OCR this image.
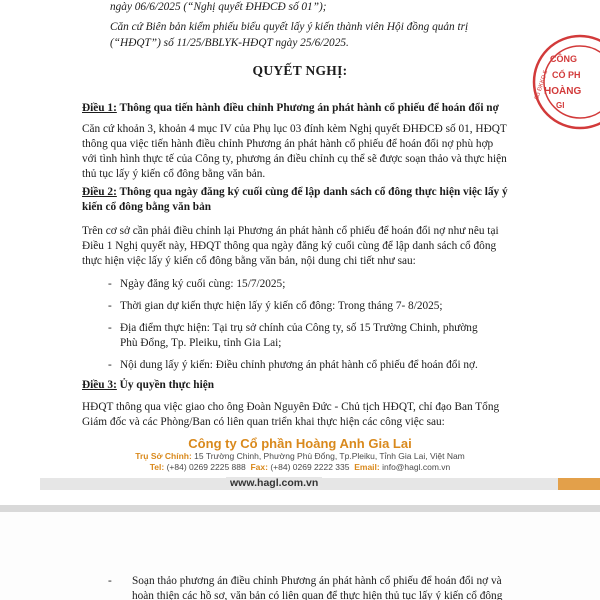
ngày 06/6/2025 (“Nghị quyết ĐHĐCĐ số 01”);
Căn cứ Biên bản kiểm phiếu biểu quyết lấy ý kiến thành viên Hội đồng quản trị
(“HĐQT”) số 11/25/BBLYK-HĐQT ngày 25/6/2025.
CÔNG
CỔ PH
HOÀNG
GI
Số ĐKKD 5
QUYẾT NGHỊ:
Điều 1: Thông qua tiến hành điều chỉnh Phương án phát hành cổ phiếu để hoán đổi nợ
Căn cứ khoản 3, khoản 4 mục IV của Phụ lục 03 đính kèm Nghị quyết ĐHĐCĐ số 01, HĐQT
thông qua việc tiến hành điều chỉnh Phương án phát hành cổ phiếu để hoán đổi nợ phù hợp
với tình hình thực tế của Công ty, phương án điều chỉnh cụ thể sẽ được soạn thảo và thực hiện
thủ tục lấy ý kiến cổ đông bằng văn bản.
Điều 2: Thông qua ngày đăng ký cuối cùng để lập danh sách cổ đông thực hiện việc lấy ý
kiến cổ đông bằng văn bản
Trên cơ sở cần phải điều chỉnh lại Phương án phát hành cổ phiếu để hoán đổi nợ như nêu tại
Điều 1 Nghị quyết này, HĐQT thông qua ngày đăng ký cuối cùng để lập danh sách cổ đông
thực hiện việc lấy ý kiến cổ đông bằng văn bản, nội dung chi tiết như sau:
- Ngày đăng ký cuối cùng: 15/7/2025;
- Thời gian dự kiến thực hiện lấy ý kiến cổ đông: Trong tháng 7- 8/2025;
- Địa điểm thực hiện: Tại trụ sở chính của Công ty, số 15 Trường Chinh, phường
Phù Đổng, Tp. Pleiku, tỉnh Gia Lai;
- Nội dung lấy ý kiến: Điều chỉnh phương án phát hành cổ phiếu để hoán đổi nợ.
Điều 3: Ủy quyền thực hiện
HĐQT thông qua việc giao cho ông Đoàn Nguyên Đức - Chủ tịch HĐQT, chỉ đạo Ban Tổng
Giám đốc và các Phòng/Ban có liên quan triển khai thực hiện các công việc sau:
Công ty Cổ phần Hoàng Anh Gia Lai
Trụ Sở Chính: 15 Trường Chinh, Phường Phù Đổng, Tp.Pleiku, Tỉnh Gia Lai, Việt Nam
Tel: (+84) 0269 2225 888 Fax: (+84) 0269 2222 335 Email: info@hagl.com.vn
www.hagl.com.vn
- Soạn thảo phương án điều chỉnh Phương án phát hành cổ phiếu để hoán đổi nợ và
hoàn thiện các hồ sơ, văn bản có liên quan để thực hiện thủ tục lấy ý kiến cổ đông
